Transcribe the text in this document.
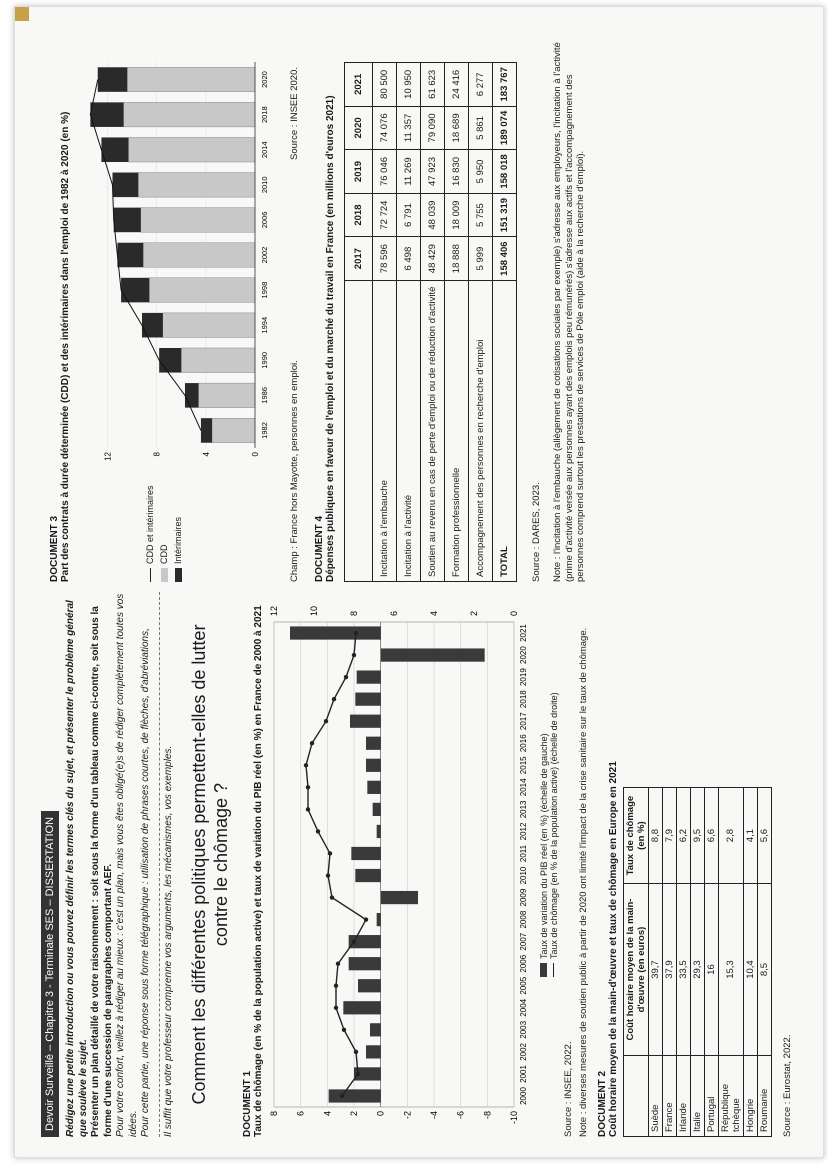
Devoir Surveillé – Chapitre 3 - Terminale SES – DISSERTATION Rédigez une petite introduction ou vous pouvez définir les termes clés du sujet, et présenter le problème général que soulève le sujet. Présenter un plan détaillé de votre raisonnement : soit sous la forme d'un tableau comme ci-contre, soit sous la forme d'une succession de paragraphes comportant AEF. Pour votre confort, veillez à rédiger au mieux : c'est un plan, mais vous êtes obligé(e)s de rédiger complètement toutes vos idées. Pour cette partie, une réponse sous forme télégraphique : utilisation de phrases courtes, de flèches, d'abréviations,	Il suffit que votre professeur comprenne vos arguments, les mécanismes, vos exemples. Comment les différentes politiques permettent-elles de lutter contre le chômage ?
DOCUMENT 1 Taux de chômage (en % de la population active) et taux de variation du PIB réel (en %) en France de 2000 à 2021	-10
-8
-6
-4
-2
0
2
4
6
8
0
2
4
6
8
10
12
2000
2001
2002
2003
2004
2005
2006
2007
2008
2009
2010
2011
2012
2013
2014
2015
2016
2017
2018
2019
2020
2021
Taux de variation du PIB réel (en %) (échelle de gauche) Taux de chômage (en % de la population active) (échelle de droite)
Source : INSEE, 2022. Note : diverses mesures de soutien public à partir de 2020 ont limité l'impact de la crise sanitaire sur le taux de chômage. DOCUMENT 2 Coût horaire moyen de la main-d'œuvre et taux de chômage en Europe en 2021
	Coût horaire moyen de la main-d'œuvre (en euros)	Taux de chômage (en %)
Suède	39,7	8,8
France	37,9	7,9
Irlande	33,5	6,2
Italie	29,3	9,5
Portugal	16	6,6
République tchèque	15,3	2,8
Hongrie	10,4	4,1
Roumanie	8,5	5,6
Source : Eurostat, 2022.
DOCUMENT 3 Part des contrats à durée déterminée (CDD) et des intérimaires dans l'emploi de 1982 à 2020 (en %)	CDD et intérimaires CDD Intérimaires
0
4
8
12
1982
1986
1990
1994
1998
2002
2006
2010
2014
2018
2020
Champ : France hors Mayotte, personnes en emploi.
Source : INSEE 2020.
DOCUMENT 4 Dépenses publiques en faveur de l'emploi et du marché du travail en France (en millions d'euros 2021)
	2017	2018	2019	2020	2021
Incitation à l'embauche	78 596	72 724	76 046	74 076	80 500
Incitation à l'activité	6 498	6 791	11 269	11 357	10 950
Soutien au revenu en cas de perte d'emploi ou de réduction d'activité	48 429	48 039	47 923	79 090	61 623
Formation professionnelle	18 888	18 009	16 830	18 689	24 416
Accompagnement des personnes en recherche d'emploi	5 999	5 755	5 950	5 861	6 277
TOTAL	158 406	151 319	158 018	189 074	183 767
Source : DARES, 2023. Note : l'incitation à l'embauche (allègement de cotisations sociales par exemple) s'adresse aux employeurs, l'incitation à l'activité (prime d'activité versée aux personnes ayant des emplois peu rémunérés) s'adresse aux actifs et l'accompagnement des personnes comprend surtout les prestations de services de Pôle emploi (aide à la recherche d'emploi).
